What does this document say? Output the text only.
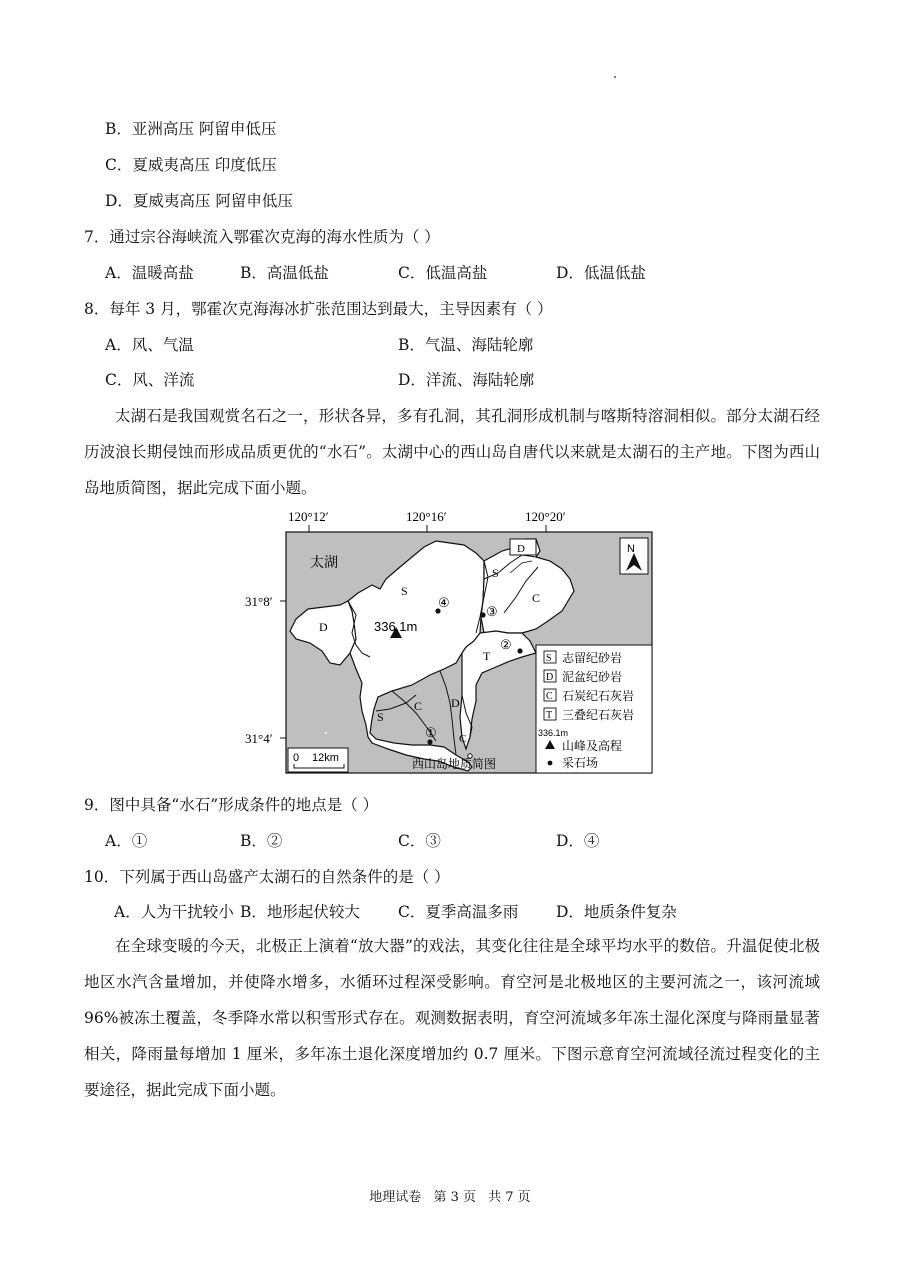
B．亚洲高压 阿留申低压
C．夏威夷高压 印度低压
D．夏威夷高压 阿留申低压
7．通过宗谷海峡流入鄂霍次克海的海水性质为（ ）
A．温暖高盐	B．高温低盐	C．低温高盐	D．低温低盐
8．每年 3 月，鄂霍次克海海冰扩张范围达到最大，主导因素有（ ）
A．风、气温	B．气温、海陆轮廓
C．风、洋流	D．洋流、海陆轮廓

太湖石是我国观赏名石之一，形状各异，多有孔洞，其孔洞形成机制与喀斯特溶洞相似。部分太湖石经历波浪长期侵蚀而形成品质更优的“水石”。太湖中心的西山岛自唐代以来就是太湖石的主产地。下图为西山岛地质简图，据此完成下面小题。

120°12′	120°16′	120°20′
31°8′
31°4′
太湖
S
D
S
D
C
T
C D
S
C
336.1m
④
③
②
①
N
S 志留纪砂岩
D 泥盆纪砂岩
C 石炭纪石灰岩
T 三叠纪石灰岩
336.1m
山峰及高程
采石场
0 12km	西山岛地质简图
9．图中具备“水石”形成条件的地点是（ ）
A．①	B．②	C．③	D．④
10．下列属于西山岛盛产太湖石的自然条件的是（ ）
A．人为干扰较小 B．地形起伏较大 C．夏季高温多雨 D．地质条件复杂

在全球变暖的今天，北极正上演着“放大器”的戏法，其变化往往是全球平均水平的数倍。升温促使北极地区水汽含量增加，并使降水增多，水循环过程深受影响。育空河是北极地区的主要河流之一，该河流域 96%被冻土覆盖，冬季降水常以积雪形式存在。观测数据表明，育空河流域多年冻土湿化深度与降雨量显著相关，降雨量每增加 1 厘米，多年冻土退化深度增加约 0.7 厘米。下图示意育空河流域径流过程变化的主要途径，据此完成下面小题。

地理试卷 第 3 页 共 7 页
